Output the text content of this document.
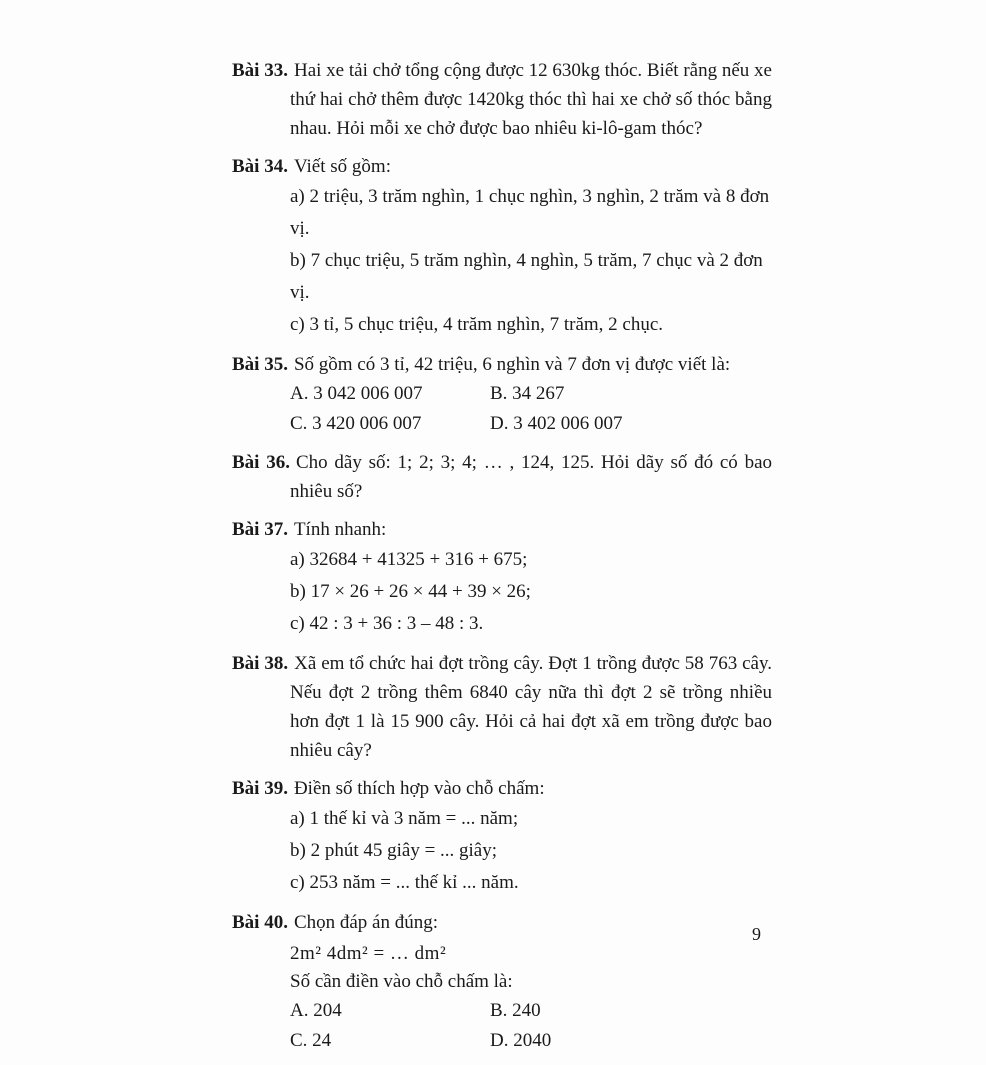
Bài 33. Hai xe tải chở tổng cộng được 12 630kg thóc. Biết rằng nếu xe thứ hai chở thêm được 1420kg thóc thì hai xe chở số thóc bằng nhau. Hỏi mỗi xe chở được bao nhiêu ki-lô-gam thóc?

Bài 34. Viết số gồm:

a) 2 triệu, 3 trăm nghìn, 1 chục nghìn, 3 nghìn, 2 trăm và 8 đơn vị.
b) 7 chục triệu, 5 trăm nghìn, 4 nghìn, 5 trăm, 7 chục và 2 đơn vị.
c) 3 tỉ, 5 chục triệu, 4 trăm nghìn, 7 trăm, 2 chục.

Bài 35. Số gồm có 3 tỉ, 42 triệu, 6 nghìn và 7 đơn vị được viết là:

A. 3 042 006 007	B. 34 267
C. 3 420 006 007	D. 3 402 006 007

Bài 36. Cho dãy số: 1; 2; 3; 4; … , 124, 125. Hỏi dãy số đó có bao nhiêu số?

Bài 37. Tính nhanh:

a) 32684 + 41325 + 316 + 675;
b) 17 × 26 + 26 × 44 + 39 × 26;
c) 42 : 3 + 36 : 3 – 48 : 3.

Bài 38. Xã em tổ chức hai đợt trồng cây. Đợt 1 trồng được 58 763 cây. Nếu đợt 2 trồng thêm 6840 cây nữa thì đợt 2 sẽ trồng nhiều hơn đợt 1 là 15 900 cây. Hỏi cả hai đợt xã em trồng được bao nhiêu cây?

Bài 39. Điền số thích hợp vào chỗ chấm:

a) 1 thế kỉ và 3 năm = ... năm;
b) 2 phút 45 giây = ... giây;
c) 253 năm = ... thế kỉ ... năm.

Bài 40. Chọn đáp án đúng:

2m² 4dm² = … dm²
Số cần điền vào chỗ chấm là:
A. 204	B. 240
C. 24	D. 2040
9
